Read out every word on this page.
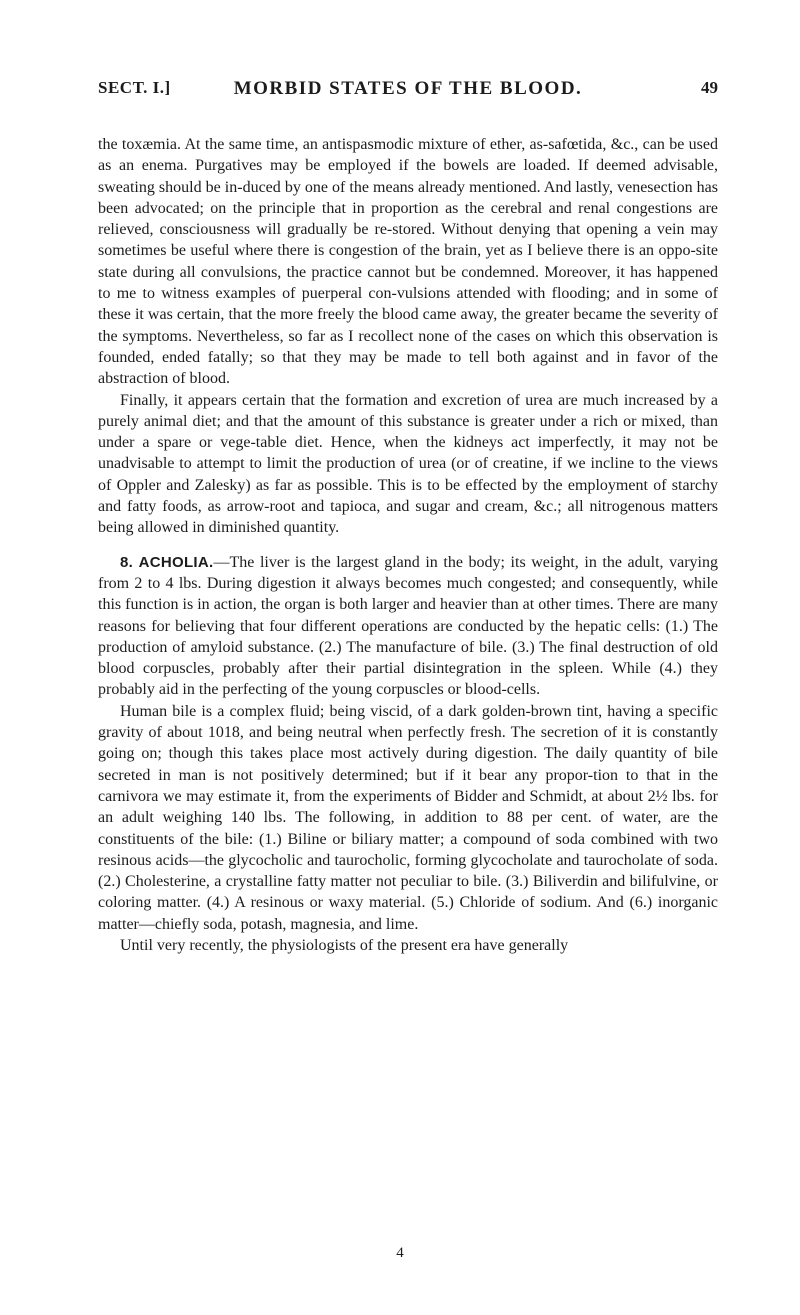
SECT. I.]	MORBID STATES OF THE BLOOD.	49

the toxæmia. At the same time, an antispasmodic mixture of ether, as-safœtida, &c., can be used as an enema. Purgatives may be employed if the bowels are loaded. If deemed advisable, sweating should be in-duced by one of the means already mentioned. And lastly, venesection has been advocated; on the principle that in proportion as the cerebral and renal congestions are relieved, consciousness will gradually be re-stored. Without denying that opening a vein may sometimes be useful where there is congestion of the brain, yet as I believe there is an oppo-site state during all convulsions, the practice cannot but be condemned. Moreover, it has happened to me to witness examples of puerperal con-vulsions attended with flooding; and in some of these it was certain, that the more freely the blood came away, the greater became the severity of the symptoms. Nevertheless, so far as I recollect none of the cases on which this observation is founded, ended fatally; so that they may be made to tell both against and in favor of the abstraction of blood.

Finally, it appears certain that the formation and excretion of urea are much increased by a purely animal diet; and that the amount of this substance is greater under a rich or mixed, than under a spare or vege-table diet. Hence, when the kidneys act imperfectly, it may not be unadvisable to attempt to limit the production of urea (or of creatine, if we incline to the views of Oppler and Zalesky) as far as possible. This is to be effected by the employment of starchy and fatty foods, as arrow-root and tapioca, and sugar and cream, &c.; all nitrogenous matters being allowed in diminished quantity.

8. ACHOLIA.—The liver is the largest gland in the body; its weight, in the adult, varying from 2 to 4 lbs. During digestion it always becomes much congested; and consequently, while this function is in action, the organ is both larger and heavier than at other times. There are many reasons for believing that four different operations are conducted by the hepatic cells: (1.) The production of amyloid substance. (2.) The manufacture of bile. (3.) The final destruction of old blood corpuscles, probably after their partial disintegration in the spleen. While (4.) they probably aid in the perfecting of the young corpuscles or blood-cells.

Human bile is a complex fluid; being viscid, of a dark golden-brown tint, having a specific gravity of about 1018, and being neutral when perfectly fresh. The secretion of it is constantly going on; though this takes place most actively during digestion. The daily quantity of bile secreted in man is not positively determined; but if it bear any propor-tion to that in the carnivora we may estimate it, from the experiments of Bidder and Schmidt, at about 2½ lbs. for an adult weighing 140 lbs. The following, in addition to 88 per cent. of water, are the constituents of the bile: (1.) Biline or biliary matter; a compound of soda combined with two resinous acids—the glycocholic and taurocholic, forming glycocholate and taurocholate of soda. (2.) Cholesterine, a crystalline fatty matter not peculiar to bile. (3.) Biliverdin and bilifulvine, or coloring matter. (4.) A resinous or waxy material. (5.) Chloride of sodium. And (6.) inorganic matter—chiefly soda, potash, magnesia, and lime.

Until very recently, the physiologists of the present era have generally

4
